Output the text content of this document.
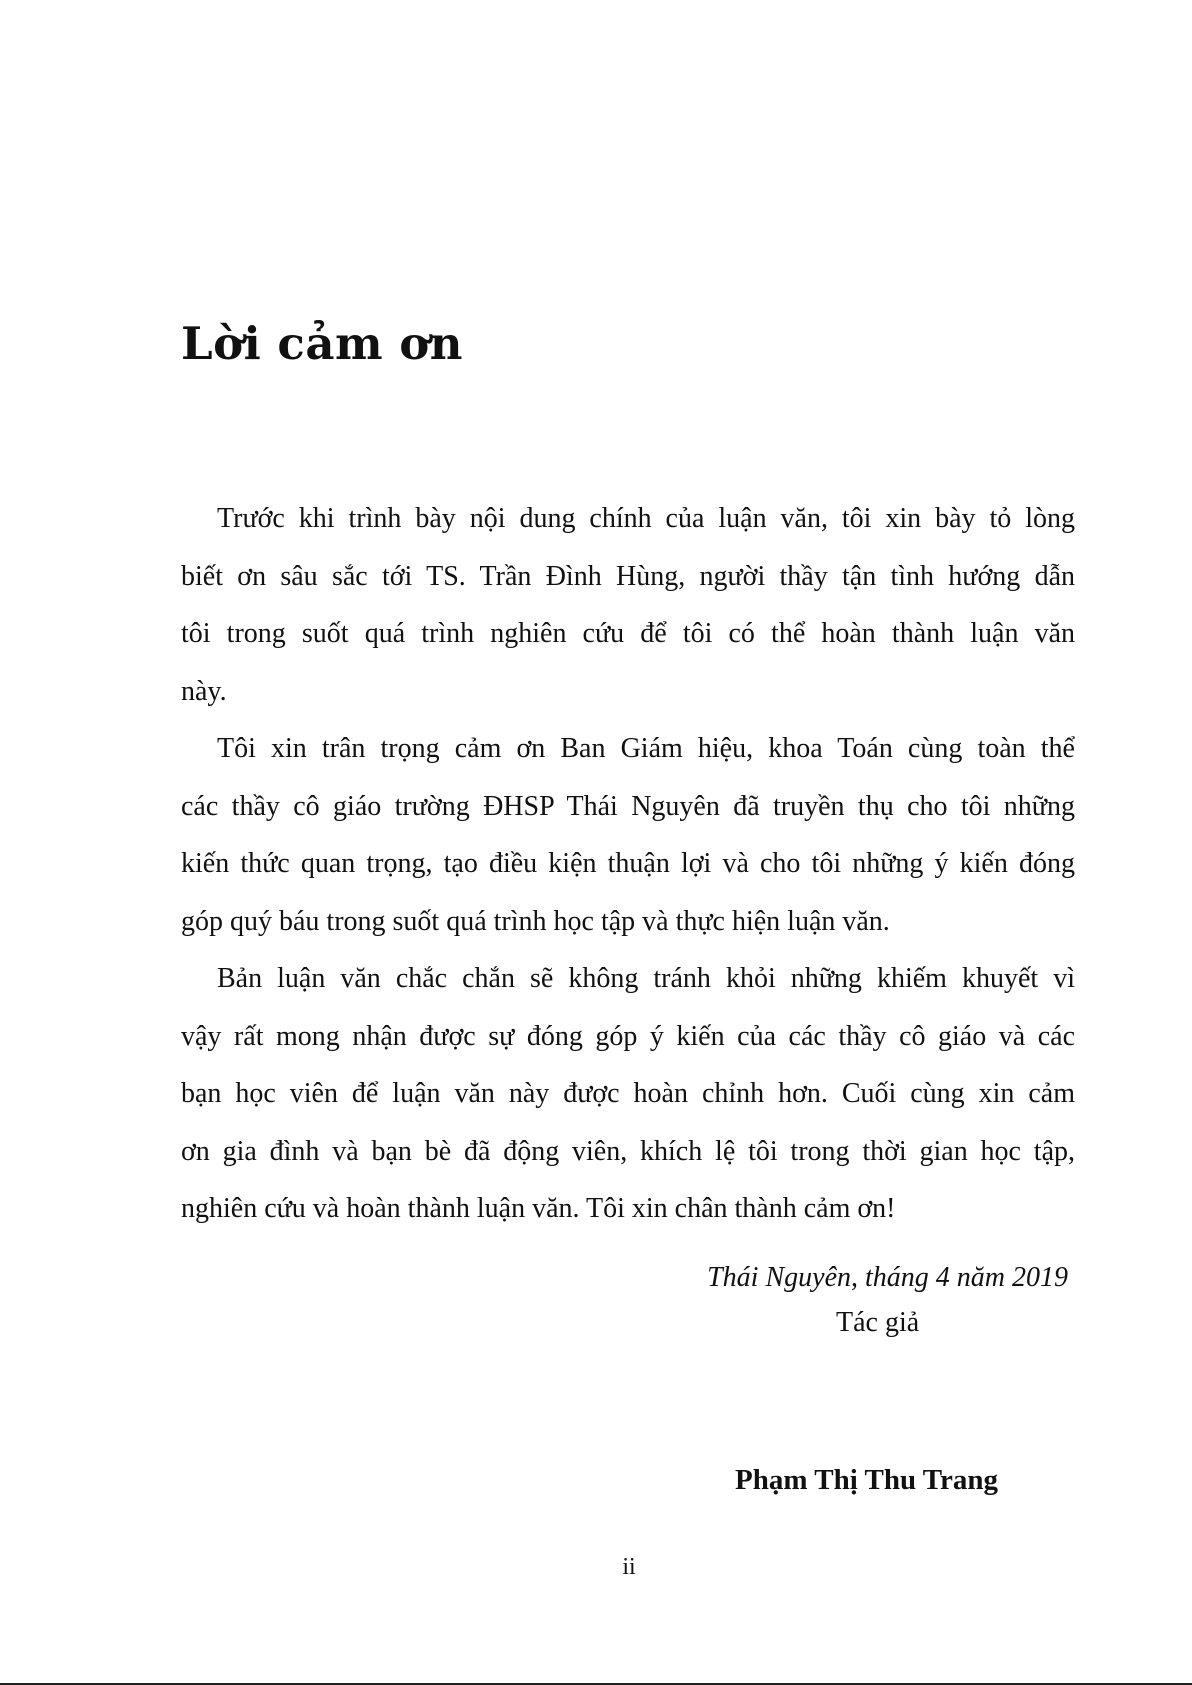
Lời cảm ơn
Trước khi trình bày nội dung chính của luận văn, tôi xin bày tỏ lòng
biết ơn sâu sắc tới TS. Trần Đình Hùng, người thầy tận tình hướng dẫn
tôi trong suốt quá trình nghiên cứu để tôi có thể hoàn thành luận văn
này.
Tôi xin trân trọng cảm ơn Ban Giám hiệu, khoa Toán cùng toàn thể
các thầy cô giáo trường ĐHSP Thái Nguyên đã truyền thụ cho tôi những
kiến thức quan trọng, tạo điều kiện thuận lợi và cho tôi những ý kiến đóng
góp quý báu trong suốt quá trình học tập và thực hiện luận văn.
Bản luận văn chắc chắn sẽ không tránh khỏi những khiếm khuyết vì
vậy rất mong nhận được sự đóng góp ý kiến của các thầy cô giáo và các
bạn học viên để luận văn này được hoàn chỉnh hơn. Cuối cùng xin cảm
ơn gia đình và bạn bè đã động viên, khích lệ tôi trong thời gian học tập,
nghiên cứu và hoàn thành luận văn. Tôi xin chân thành cảm ơn!

Thái Nguyên, tháng 4 năm 2019

Tác giả

Phạm Thị Thu Trang

ii
